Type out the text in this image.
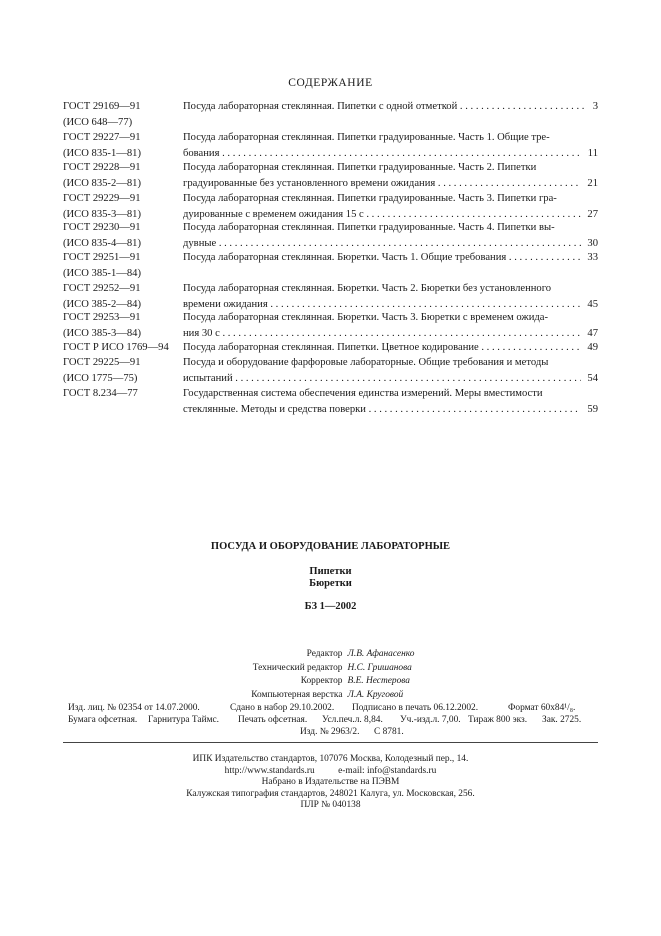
СОДЕРЖАНИЕ
ГОСТ 29169—91
(ИСО 648—77)
Посуда лабораторная стеклянная. Пипетки с одной отметкой	3
. . .
ГОСТ 29227—91
(ИСО 835-1—81)
Посуда лабораторная стеклянная. Пипетки градуированные. Часть 1. Общие тре-
бования	11
. . .
ГОСТ 29228—91
(ИСО 835-2—81)
Посуда лабораторная стеклянная. Пипетки градуированные. Часть 2. Пипетки
градуированные без установленного времени ожидания	21
. . .
ГОСТ 29229—91
(ИСО 835-3—81)
Посуда лабораторная стеклянная. Пипетки градуированные. Часть 3. Пипетки гра-
дуированные с временем ожидания 15 с	27
. . .
ГОСТ 29230—91
(ИСО 835-4—81)
Посуда лабораторная стеклянная. Пипетки градуированные. Часть 4. Пипетки вы-
дувные	30
. . .
ГОСТ 29251—91
(ИСО 385-1—84)
Посуда лабораторная стеклянная. Бюретки. Часть 1. Общие требования	33
. . .
ГОСТ 29252—91
(ИСО 385-2—84)
Посуда лабораторная стеклянная. Бюретки. Часть 2. Бюретки без установленного
времени ожидания	45
. . .
ГОСТ 29253—91
(ИСО 385-3—84)
Посуда лабораторная стеклянная. Бюретки. Часть 3. Бюретки с временем ожида-
ния 30 с	47
. . .
ГОСТ Р ИСО 1769—94 Посуда лабораторная стеклянная. Пипетки. Цветное кодирование	49
. . .
ГОСТ 29225—91
(ИСО 1775—75)
Посуда и оборудование фарфоровые лабораторные. Общие требования и методы
испытаний	54
. . .
ГОСТ 8.234—77	Государственная система обеспечения единства измерений. Меры вместимости
стеклянные. Методы и средства поверки	59
. . .
ПОСУДА И ОБОРУДОВАНИЕ ЛАБОРАТОРНЫЕ
Пипетки
Бюретки
БЗ 1—2002
Редактор Л.В. Афанасенко
Технический редактор Н.С. Гришанова
Корректор В.Е. Нестерова
Компьютерная верстка Л.А. Круговой
Изд. лиц. № 02354 от 14.07.2000.	Сдано в набор 29.10.2002. Подписано в печать 06.12.2002.	Формат 60x84¹/₈.
Бумага офсетная. Гарнитура Таймс. Печать офсетная. Усл.печ.л. 8,84. Уч.-изд.л. 7,00. Тираж 800 экз. Зак. 2725.
Изд. № 2963/2. С 8781.
ИПК Издательство стандартов, 107076 Москва, Колодезный пер., 14.
http://www.standards.ru          e-mail: info@standards.ru
Набрано в Издательстве на ПЭВМ
Калужская типография стандартов, 248021 Калуга, ул. Московская, 256.
ПЛР № 040138
